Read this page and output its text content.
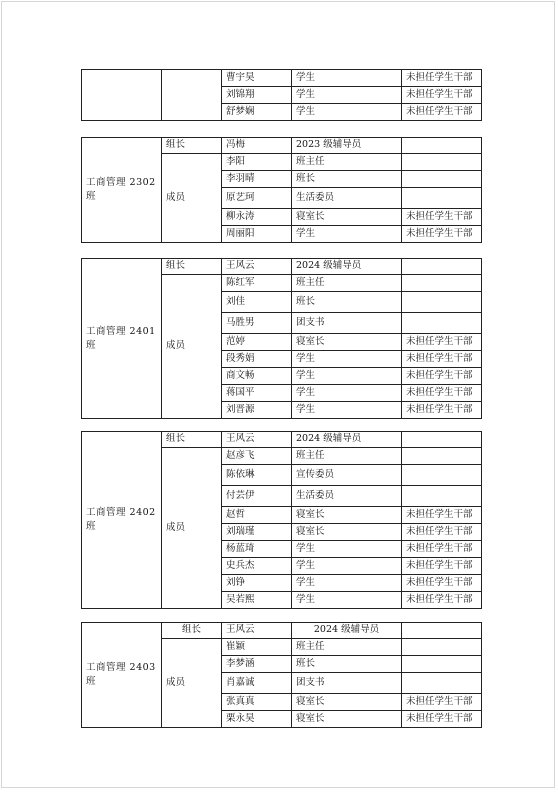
		曹宇昊	学生	未担任学生干部
		刘锦翔	学生	未担任学生干部
		舒梦娴	学生	未担任学生干部
工商管理 2302 班	组长	冯梅	2023 级辅导员	
	成员	李阳	班主任	
		李羽晴	班长	
		原艺珂	生活委员	
		柳永涛	寝室长	未担任学生干部
		周丽阳	学生	未担任学生干部
工商管理 2401 班	组长	王风云	2024 级辅导员	
	成员	陈红军	班主任	
		刘佳	班长	
		马胜男	团支书	
		范婷	寝室长	未担任学生干部
		段秀娟	学生	未担任学生干部
		商文畅	学生	未担任学生干部
		蒋国平	学生	未担任学生干部
		刘晋源	学生	未担任学生干部
工商管理 2402 班	组长	王风云	2024 级辅导员	
	成员	赵彦飞	班主任	
		陈依琳	宣传委员	
		付芸伊	生活委员	
		赵哲	寝室长	未担任学生干部
		刘瑞瑾	寝室长	未担任学生干部
		杨蓝琦	学生	未担任学生干部
		史兵杰	学生	未担任学生干部
		刘铮	学生	未担任学生干部
		吴若熙	学生	未担任学生干部
工商管理 2403 班	组长	王风云	2024 级辅导员	
	成员	崔颖	班主任	
		李梦涵	班长	
		肖嘉诚	团支书	
		张真真	寝室长	未担任学生干部
		栗永昊	寝室长	未担任学生干部
